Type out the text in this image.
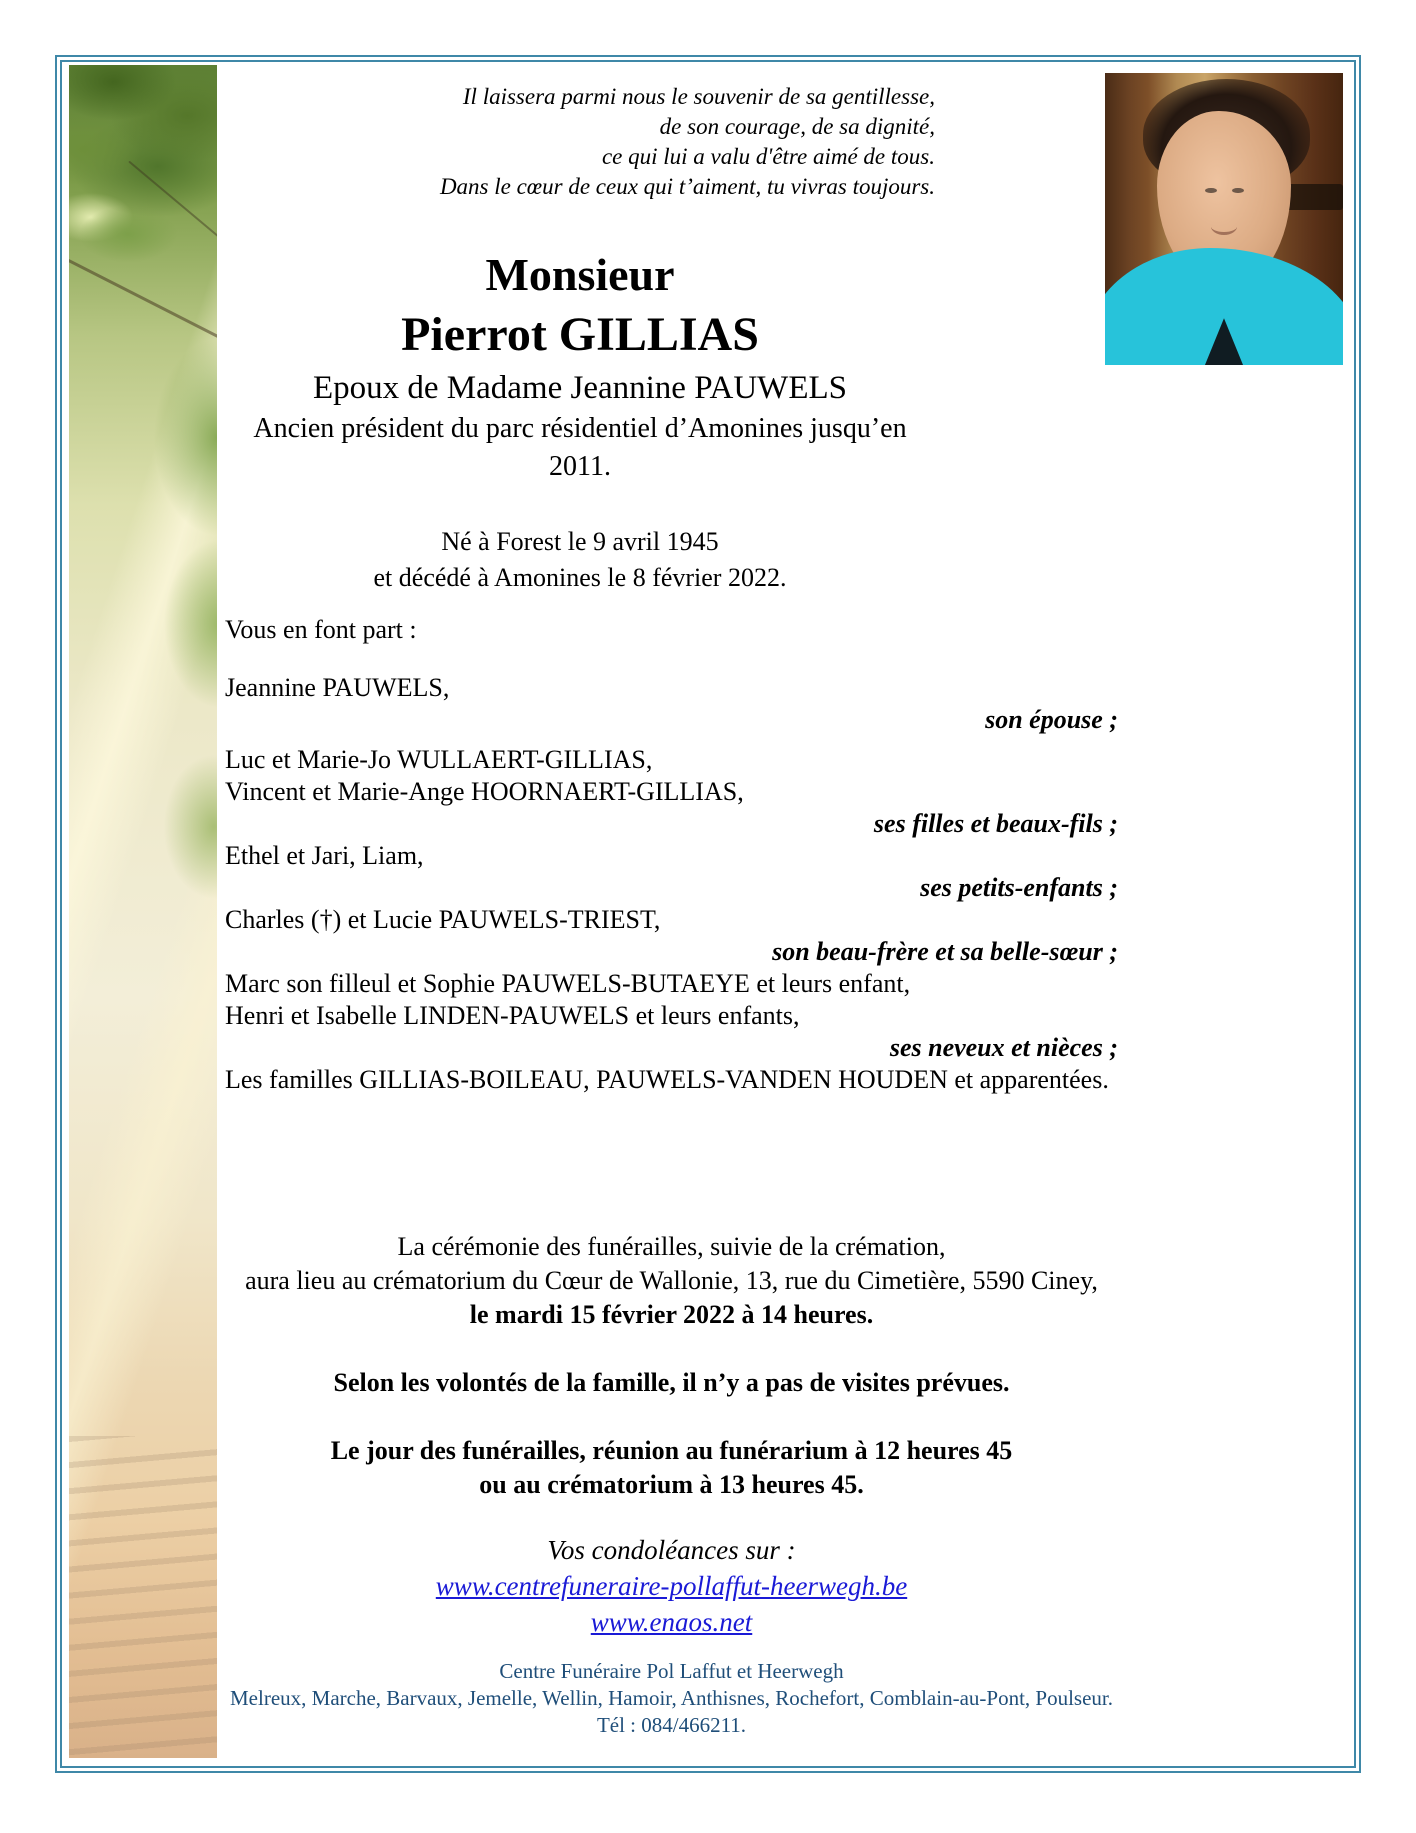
Il laissera parmi nous le souvenir de sa gentillesse,
de son courage, de sa dignité,
ce qui lui a valu d'être aimé de tous.
Dans le cœur de ceux qui t’aiment, tu vivras toujours.
Monsieur
Pierrot GILLIAS
Epoux de Madame Jeannine PAUWELS
Ancien président du parc résidentiel d’Amonines jusqu’en 2011.
Né à Forest le 9 avril 1945
et décédé à Amonines le 8 février 2022.

Vous en font part :

Jeannine PAUWELS,

son épouse ;

Luc et Marie-Jo WULLAERT-GILLIAS,

Vincent et Marie-Ange HOORNAERT-GILLIAS,

ses filles et beaux-fils ;

Ethel et Jari, Liam,

ses petits-enfants ;

Charles (†) et Lucie PAUWELS-TRIEST,

son beau-frère et sa belle-sœur ;

Marc son filleul et Sophie PAUWELS-BUTAEYE et leurs enfant,

Henri et Isabelle LINDEN-PAUWELS et leurs enfants,

ses neveux et nièces ;

Les familles GILLIAS-BOILEAU, PAUWELS-VANDEN HOUDEN et apparentées.

La cérémonie des funérailles, suivie de la crémation,

aura lieu au crématorium du Cœur de Wallonie, 13, rue du Cimetière, 5590 Ciney,

le mardi 15 février 2022 à 14 heures.

Selon les volontés de la famille, il n’y a pas de visites prévues.

Le jour des funérailles, réunion au funérarium à 12 heures 45

ou au crématorium à 13 heures 45.

Vos condoléances sur :

www.centrefuneraire-pollaffut-heerwegh.be

www.enaos.net

Centre Funéraire Pol Laffut et Heerwegh

Melreux, Marche, Barvaux, Jemelle, Wellin, Hamoir, Anthisnes, Rochefort, Comblain-au-Pont, Poulseur.

Tél : 084/466211.
